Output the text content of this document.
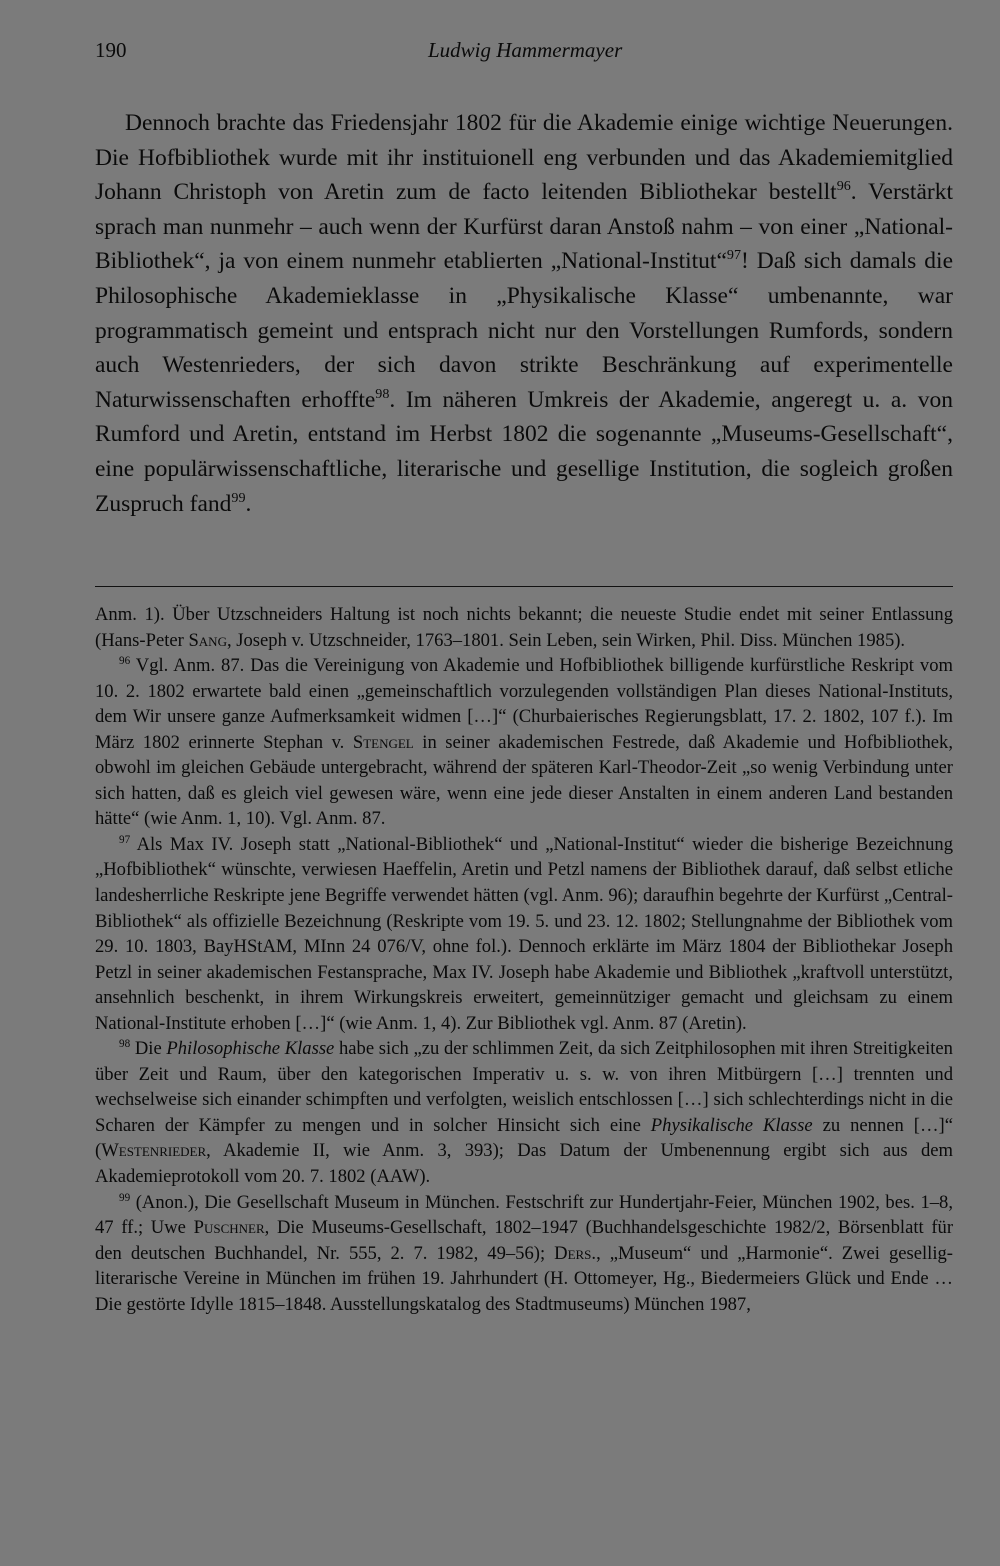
190	Ludwig Hammermayer

Dennoch brachte das Friedensjahr 1802 für die Akademie einige wichtige Neuerungen. Die Hofbibliothek wurde mit ihr instituionell eng verbunden und das Akademiemitglied Johann Christoph von Aretin zum de facto leitenden Bibliothekar bestellt$^{96}$. Verstärkt sprach man nunmehr – auch wenn der Kurfürst daran Anstoß nahm – von einer „National-Bibliothek“, ja von einem nunmehr etablierten „National-Institut“$^{97}$! Daß sich damals die Philosophische Akademieklasse in „Physikalische Klasse“ umbenannte, war programmatisch gemeint und entsprach nicht nur den Vorstellungen Rumfords, sondern auch Westenrieders, der sich davon strikte Beschränkung auf experimentelle Naturwissenschaften erhoffte$^{98}$. Im näheren Umkreis der Akademie, angeregt u. a. von Rumford und Aretin, entstand im Herbst 1802 die sogenannte „Museums-Gesellschaft“, eine populärwissenschaftliche, literarische und gesellige Institution, die sogleich großen Zuspruch fand$^{99}$.

Anm. 1). Über Utzschneiders Haltung ist noch nichts bekannt; die neueste Studie endet mit seiner Entlassung (Hans-Peter Sang, Joseph v. Utzschneider, 1763–1801. Sein Leben, sein Wirken, Phil. Diss. München 1985).

$^{96}$ Vgl. Anm. 87. Das die Vereinigung von Akademie und Hofbibliothek billigende kurfürstliche Reskript vom 10. 2. 1802 erwartete bald einen „gemeinschaftlich vorzulegenden vollständigen Plan dieses National-Instituts, dem Wir unsere ganze Aufmerksamkeit widmen […]“ (Churbaierisches Regierungsblatt, 17. 2. 1802, 107 f.). Im März 1802 erinnerte Stephan v. Stengel in seiner akademischen Festrede, daß Akademie und Hofbibliothek, obwohl im gleichen Gebäude untergebracht, während der späteren Karl-Theodor-Zeit „so wenig Verbindung unter sich hatten, daß es gleich viel gewesen wäre, wenn eine jede dieser Anstalten in einem anderen Land bestanden hätte“ (wie Anm. 1, 10). Vgl. Anm. 87.

$^{97}$ Als Max IV. Joseph statt „National-Bibliothek“ und „National-Institut“ wieder die bisherige Bezeichnung „Hofbibliothek“ wünschte, verwiesen Haeffelin, Aretin und Petzl namens der Bibliothek darauf, daß selbst etliche landesherrliche Reskripte jene Begriffe verwendet hätten (vgl. Anm. 96); daraufhin begehrte der Kurfürst „Central-Bibliothek“ als offizielle Bezeichnung (Reskripte vom 19. 5. und 23. 12. 1802; Stellungnahme der Bibliothek vom 29. 10. 1803, BayHStAM, MInn 24 076/V, ohne fol.). Dennoch erklärte im März 1804 der Bibliothekar Joseph Petzl in seiner akademischen Festansprache, Max IV. Joseph habe Akademie und Bibliothek „kraftvoll unterstützt, ansehnlich beschenkt, in ihrem Wirkungskreis erweitert, gemeinnütziger gemacht und gleichsam zu einem National-Institute erhoben […]“ (wie Anm. 1, 4). Zur Bibliothek vgl. Anm. 87 (Aretin).

$^{98}$ Die Philosophische Klasse habe sich „zu der schlimmen Zeit, da sich Zeitphilosophen mit ihren Streitigkeiten über Zeit und Raum, über den kategorischen Imperativ u. s. w. von ihren Mitbürgern […] trennten und wechselweise sich einander schimpften und verfolgten, weislich entschlossen […] sich schlechterdings nicht in die Scharen der Kämpfer zu mengen und in solcher Hinsicht sich eine Physikalische Klasse zu nennen […]“ (Westenrieder, Akademie II, wie Anm. 3, 393); Das Datum der Umbenennung ergibt sich aus dem Akademieprotokoll vom 20. 7. 1802 (AAW).

$^{99}$ (Anon.), Die Gesellschaft Museum in München. Festschrift zur Hundertjahr-Feier, München 1902, bes. 1–8, 47 ff.; Uwe Puschner, Die Museums-Gesellschaft, 1802–1947 (Buchhandelsgeschichte 1982/2, Börsenblatt für den deutschen Buchhandel, Nr. 555, 2. 7. 1982, 49–56); Ders., „Museum“ und „Harmonie“. Zwei gesellig-literarische Vereine in München im frühen 19. Jahrhundert (H. Ottomeyer, Hg., Biedermeiers Glück und Ende … Die gestörte Idylle 1815–1848. Ausstellungskatalog des Stadtmuseums) München 1987,
